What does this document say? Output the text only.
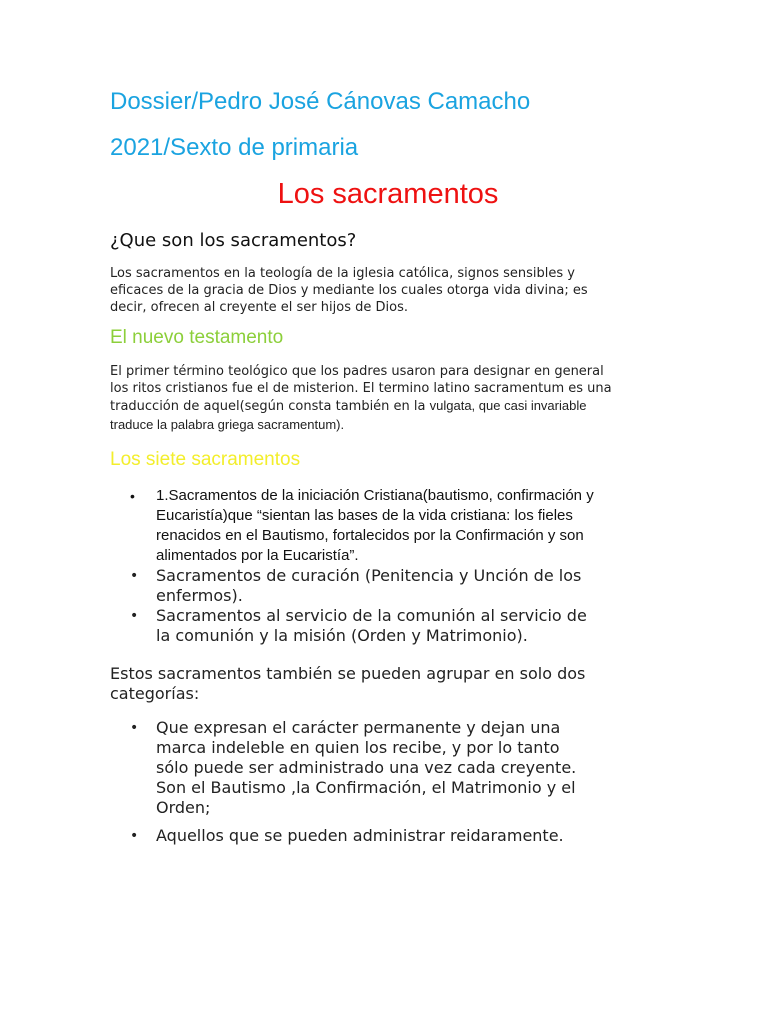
Dossier/Pedro José Cánovas Camacho
2021/Sexto de primaria
Los sacramentos
¿Que son los sacramentos?

Los sacramentos en la teología de la iglesia católica, signos sensibles y
eficaces de la gracia de Dios y mediante los cuales otorga vida divina; es
decir, ofrecen al creyente el ser hijos de Dios.

El nuevo testamento

El primer término teológico que los padres usaron para designar en general
los ritos cristianos fue el de misterion. El termino latino sacramentum es una
traducción de aquel(según consta también en la vulgata, que casi invariable
traduce la palabra griega sacramentum).

Los siete sacramentos
• 1.Sacramentos de la iniciación Cristiana(bautismo, confirmación y
Eucaristía)que “sientan las bases de la vida cristiana: los fieles
renacidos en el Bautismo, fortalecidos por la Confirmación y son
alimentados por la Eucaristía”.
• Sacramentos de curación (Penitencia y Unción de los
enfermos).
• Sacramentos al servicio de la comunión al servicio de
la comunión y la misión (Orden y Matrimonio).

Estos sacramentos también se pueden agrupar en solo dos
categorías:

• Que expresan el carácter permanente y dejan una
marca indeleble en quien los recibe, y por lo tanto
sólo puede ser administrado una vez cada creyente.
Son el Bautismo ,la Confirmación, el Matrimonio y el
Orden;
• Aquellos que se pueden administrar reidaramente.
